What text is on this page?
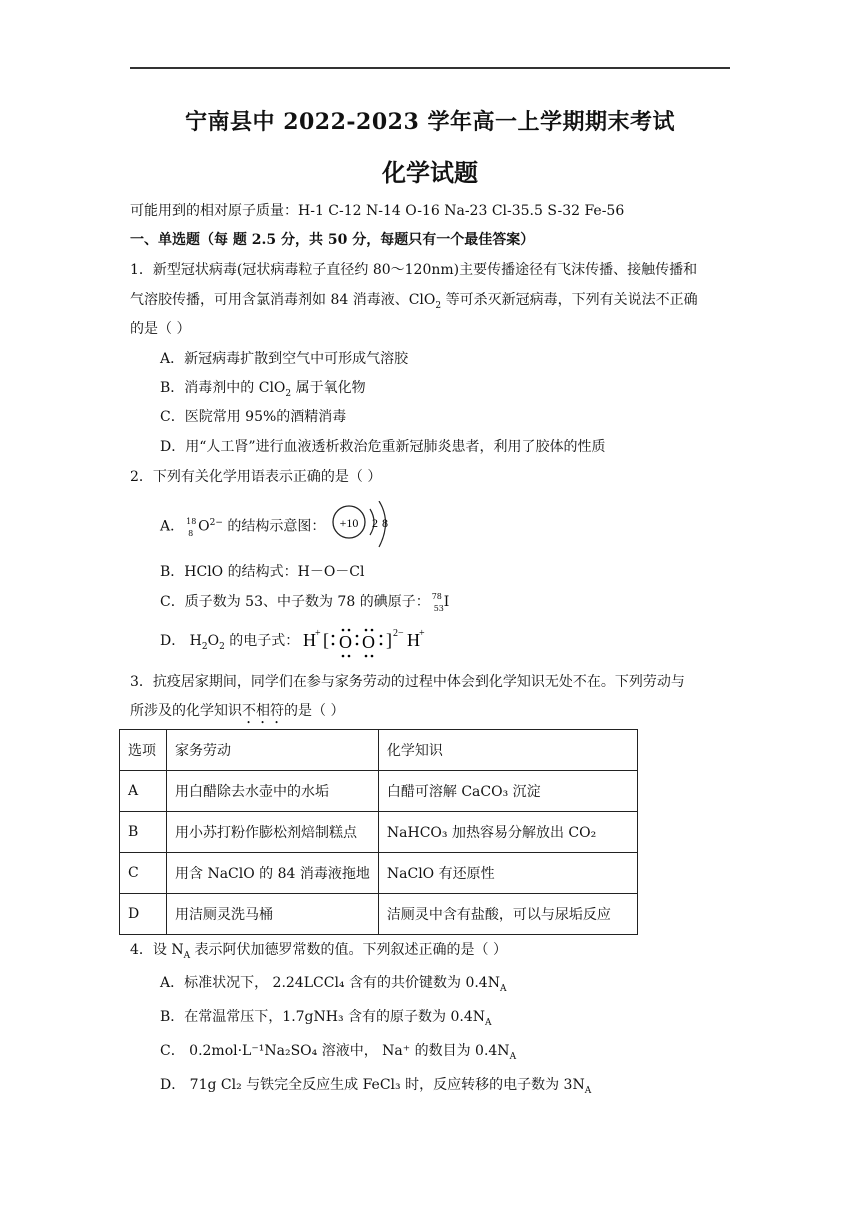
宁南县中 2022-2023 学年高一上学期期末考试
化学试题
可能用到的相对原子质量：H-1 C-12 N-14 O-16 Na-23 Cl-35.5 S-32 Fe-56
一、单选题（每 题 2.5 分，共 50 分，每题只有一个最佳答案）
1．新型冠状病毒(冠状病毒粒子直径约 80～120nm)主要传播途径有飞沫传播、接触传播和
气溶胶传播，可用含氯消毒剂如 84 消毒液、ClO$_2$ 等可杀灭新冠病毒，下列有关说法不正确
的是（ ）
A．新冠病毒扩散到空气中可形成气溶胶
B．消毒剂中的 ClO$_2$ 属于氧化物
C．医院常用 95%的酒精消毒
D．用“人工肾”进行血液透析救治危重新冠肺炎患者，利用了胶体的性质
2．下列有关化学用语表示正确的是（ ）
A． 18
8 $O^{2-}$ 的结构示意图： +10 2 8
B．HClO 的结构式：H－O－Cl
C．质子数为 53、中子数为 78 的碘原子： 78
53 I
D． $H_2O_2$ 的电子式： H + [ O O ] 2− H +
3．抗疫居家期间，同学们在参与家务劳动的过程中体会到化学知识无处不在。下列劳动与
所涉及的化学知识不相符的是（ ）
选项	家务劳动	化学知识
A	用白醋除去水壶中的水垢	白醋可溶解 CaCO₃ 沉淀
B	用小苏打粉作膨松剂焙制糕点	NaHCO₃ 加热容易分解放出 CO₂
C	用含 NaClO 的 84 消毒液拖地	NaClO 有还原性
D	用洁厕灵洗马桶	洁厕灵中含有盐酸，可以与尿垢反应
4．设 $N_A$ 表示阿伏加德罗常数的值。下列叙述正确的是（ ）
A．标准状况下， 2.24LCCl₄ 含有的共价键数为 $0.4N_A$
B．在常温常压下，1.7gNH₃ 含有的原子数为 $0.4N_A$
C． 0.2mol·L⁻¹Na₂SO₄ 溶液中， Na⁺ 的数目为 $0.4N_A$
D． 71g Cl₂ 与铁完全反应生成 FeCl₃ 时，反应转移的电子数为 $3N_A$
